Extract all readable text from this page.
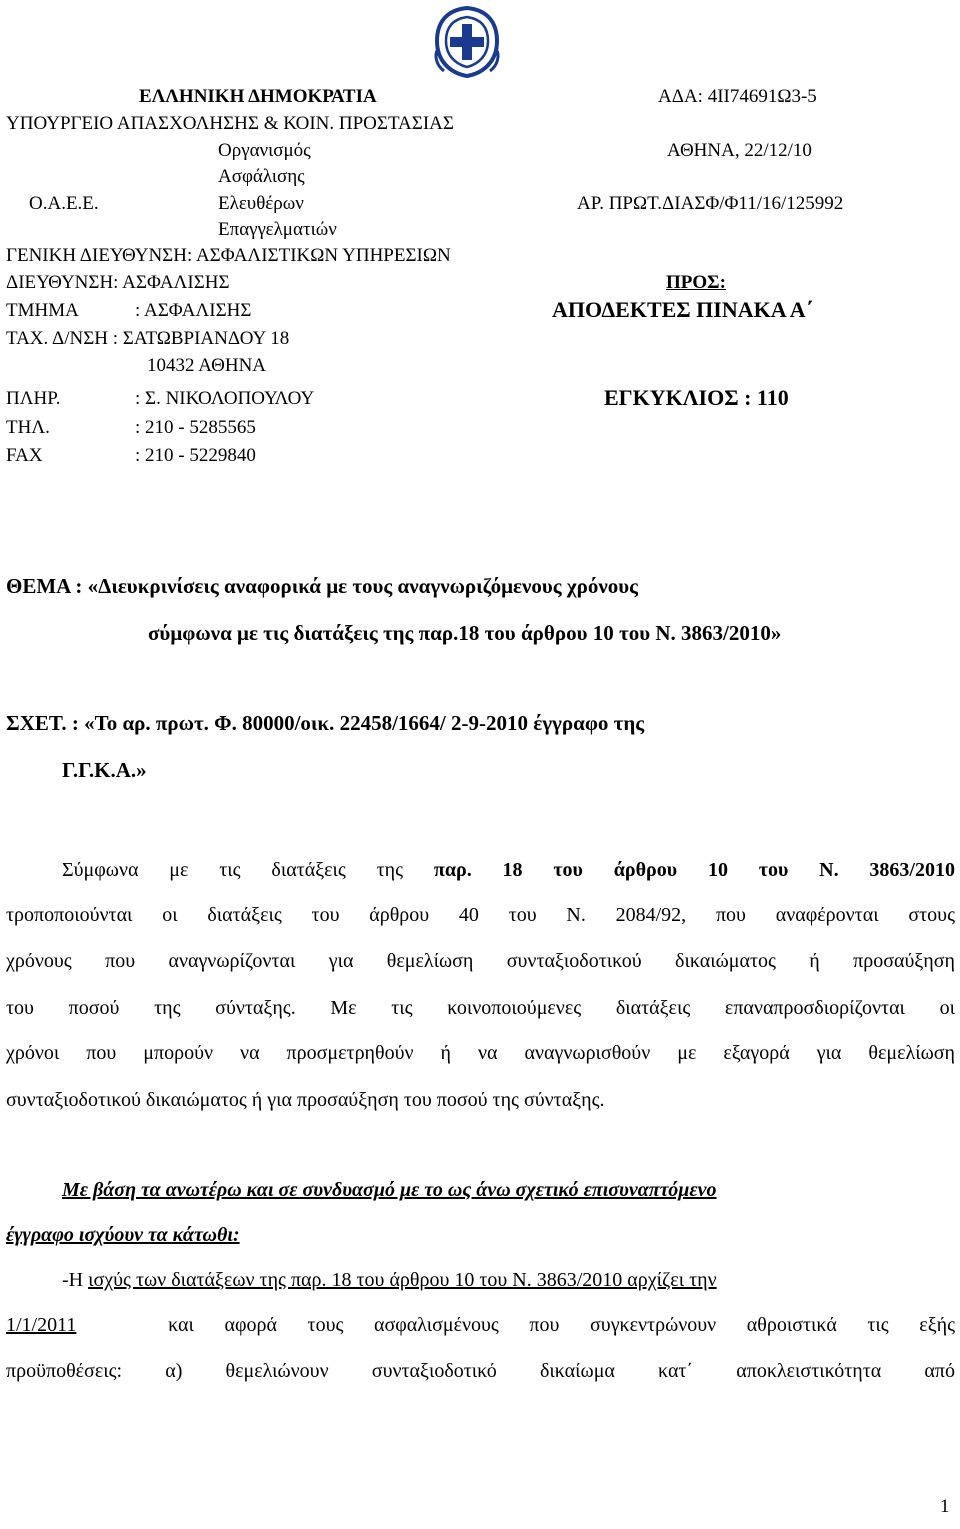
ΕΛΛΗΝΙΚΗ ΔΗΜΟΚΡΑΤΙΑ	ΑΔΑ: 4ΙΙ74691Ω3-5
ΥΠΟΥΡΓΕΙΟ ΑΠΑΣΧΟΛΗΣΗΣ & ΚΟΙΝ. ΠΡΟΣΤΑΣΙΑΣ
Οργανισμός	ΑΘΗΝΑ, 22/12/10
Ασφάλισης
Ο.Α.Ε.Ε.	Ελευθέρων	ΑΡ. ΠΡΩΤ.ΔΙΑΣΦ/Φ11/16/125992
Επαγγελματιών
ΓΕΝΙΚΗ ΔΙΕΥΘΥΝΣΗ: ΑΣΦΑΛΙΣΤΙΚΩΝ ΥΠΗΡΕΣΙΩΝ
ΔΙΕΥΘΥΝΣΗ: ΑΣΦΑΛΙΣΗΣ	ΠΡΟΣ:
ΤΜΗΜΑ	: ΑΣΦΑΛΙΣΗΣ	ΑΠΟΔΕΚΤΕΣ ΠΙΝΑΚΑ Α΄
ΤΑΧ. Δ/ΝΣΗ : ΣΑΤΩΒΡΙΑΝΔΟΥ 18
10432 ΑΘΗΝΑ
ΠΛΗΡ.	: Σ. ΝΙΚΟΛΟΠΟΥΛΟΥ	ΕΓΚΥΚΛΙΟΣ : 110
ΤΗΛ.	: 210 - 5285565
FAX	: 210 - 5229840
ΘΕΜΑ : «Διευκρινίσεις αναφορικά με τους αναγνωριζόμενους χρόνους
σύμφωνα με τις διατάξεις της παρ.18 του άρθρου 10 του Ν. 3863/2010»
ΣΧΕΤ. : «Το αρ. πρωτ. Φ. 80000/οικ. 22458/1664/ 2-9-2010 έγγραφο της
Γ.Γ.Κ.Α.»
Σύμφωνα με τις διατάξεις της παρ. 18 του άρθρου 10 του Ν. 3863/2010
τροποποιούνται οι διατάξεις του άρθρου 40 του Ν. 2084/92, που αναφέρονται στους
χρόνους που αναγνωρίζονται για θεμελίωση συνταξιοδοτικού δικαιώματος ή προσαύξηση
του ποσού της σύνταξης. Με τις κοινοποιούμενες διατάξεις επαναπροσδιορίζονται οι
χρόνοι που μπορούν να προσμετρηθούν ή να αναγνωρισθούν με εξαγορά για θεμελίωση
συνταξιοδοτικού δικαιώματος ή για προσαύξηση του ποσού της σύνταξης.
Με βάση τα ανωτέρω και σε συνδυασμό με το ως άνω σχετικό επισυναπτόμενο
έγγραφο ισχύουν τα κάτωθι:
-Η ισχύς των διατάξεων της παρ. 18 του άρθρου 10 του Ν. 3863/2010 αρχίζει την
1/1/2011	και αφορά τους ασφαλισμένους που συγκεντρώνουν αθροιστικά τις εξής
προϋποθέσεις: α) θεμελιώνουν συνταξιοδοτικό δικαίωμα κατ΄ αποκλειστικότητα από
1
